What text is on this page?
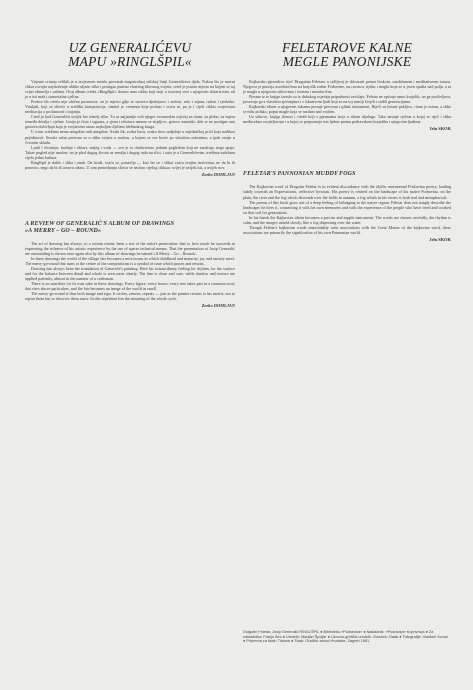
UZ GENERALIĆEVU
MAPU »RINGLŠPIL«

Vrijeme crtanja velikih je u izvjesnom smislu povratak magistralnoj stilskoj liniji Generalićeva djela. Nakon što je naivni slikar osvojio najsloženije oblike uljene slike i postigao puninu vlastitog likovnog svijeta, crtež je postao mjesto na kojem se taj svijet obnavlja i sažima. Ovaj album crteža »Ringlšpil« donosi nam ciklus koji stoji u izravnoj vezi s njegovim slikarstvom, ali je u isti mah i samostalna cjelina.

Prostor tih crteža nije obična pozornica; on je mjesto gdje se susreću djetinjstvo i zrelost, selo i sajam, radost i tjeskoba. Vrtuljak, koji se okreće u središtu kompozicija, simbol je vremena koje prolazi i vraća se, pa je i cijeli ciklus svojevrsna meditacija o prolaznosti i trajanju.

Crtež je kod Generalića uvijek bio temelj slike. Tu se najjasnije vidi njegov izvanredan osjećaj za ritam, za plohu, za mjeru između detalja i cjeline. Linija je čista i sigurna, a sjena i tekstura nanose se strpljivo, gotovo zanatski, dok se ne postigne ona gustoća doživljaja koja je svojstvena samo najboljim djelima hlebinskog kruga.

U ovim crtežima nema anegdote radi anegdote. Svaki lik, svaka kuća, svako drvo sudjeluje u zajedničkoj priči koja nadilazi pojedinosti. Seoski vašar pretvara se u sliku svijeta u malom, u kojem se sve kreće po vlastitim zakonima, a ipak ostaje u čvrstom skladu.

Ljudi i životinje, krošnje i oblaci, snijeg i voda — sve je to obuhvaćeno jednim pogledom koji ne razdvaja, nego spaja. Takav pogled nije naučen; on je plod dugog života uz zemlju i dugog rada na slici, i zato je u Generalićevim crtežima sadržana cijela jedna kultura.

Ringlšpil je dakle i slika i znak. On kruži, vraća se, ponavlja — kao što se i slikar vraća svojim motivima, ne da bi ih ponovio, nego da bi ih iznova otkrio. U tom ponavljanju skriva se smisao cijelog ciklusa: svijet je uvijek isti, a uvijek nov.

Zorko DOMLJAN
A REVIEW OF GENERALIĆ'S ALBUM OF DRAWINGS
»A MERRY – GO – ROUND«

The art of drawing has always, to a certain extent, been a test of the artist's penetration; that is, how much he succeeds in expressing the richness of his artistic experience by the use of sparse technical means. That the presentation of Josip Generalić are outstanding is shown once again also by this album of drawings he named »A Merry – Go – Round«.

In these drawings the world of the village fair becomes a microcosm in which childhood and maturity, joy and anxiety meet. The merry-go-round that turns at the centre of the compositions is a symbol of time which passes and returns.

Drawing has always been the foundation of Generalić's painting. Here his extraordinary feeling for rhythm, for the surface and for the balance between detail and whole is seen most clearly. The line is clean and sure, while shadow and texture are applied patiently, almost in the manner of a craftsman.

There is no anecdote for its own sake in these drawings. Every figure, every house, every tree takes part in a common story that rises above particulars, and the fair becomes an image of the world in small.

The merry-go-round is thus both image and sign. It circles, returns, repeats — just as the painter returns to his motifs, not to repeat them but to discover them anew. In this repetition lies the meaning of the whole cycle.

Zorko DOMLJAN
FELETAROVE KALNE
MEGLE PANONIJSKE

Kajkavsko pjesništvo riječ Dragutina Feletara u vidljivoj je sklonosti prema lirskom, suzdržanom i meditativnom izrazu. Njegova je poezija usredotočena na krajolik rodne Podravine, na ravnicu, rijeku i maglu koja se u jesen spušta nad polja, a ta je magla u njegovim stihovima i stvarna i metaforična.

Pjesme iz te knjige izrasle su iz dubokog osjećaja pripadnosti zavičaju. Feletar ne opisuje samo krajolik; on ga proživljava, povezuje ga s vlastitim sjećanjima i s iskustvom ljudi koji su na toj zemlji živjeli i radili generacijama.

Kajkavski idiom u njegovim rukama postaje precizan i gibak instrument. Riječi su birane pažljivo, ritam je miran, a slike se nižu polako, poput magle koja se razilazi nad vodom.

Uz stihove, knjiga donosi i crteže koji s pjesmama stoje u tihom dijalogu. Tako nastaje cjelina u kojoj se riječ i slika međusobno osvjetljavaju i u kojoj se prepoznaje ista ljubav prema podravskom krajoliku i njegovim ljudima.

Jelu SKOK
FELETAR'S PANNONIAN MUDDY FOGS

The Kajkavian word of Dragutin Feletar is in evident discordance with the idyllic sentimental Podravina poetry, loading subtly towards an Expressionist, reflective lyricism. His poetry is centred on the landscape of his native Podravina, on the plain, the river and the fog which descends over the fields in autumn, a fog which in his verses is both real and metaphorical.

The poems of this book grow out of a deep feeling of belonging to the native region. Feletar does not simply describe the landscape; he lives it, connecting it with his own memories and with the experience of the people who have lived and worked on that soil for generations.

In his hands the Kajkavian idiom becomes a precise and supple instrument. The words are chosen carefully, the rhythm is calm, and the images unfold slowly, like a fog dispersing over the water.

Though Feletar's kajkavian words unavoidably raise associations with the Great Master of the kajkavian word, these associations are primarily the signification of his own Pannonian world.

Jelu SKOK
Dragutin Feletar, Josip Generalić RINGLŠPIL ● Biblioteka »Podravina« ● Nakladnik: »Podravka« Koprivnica ● Za nakladnika: Franjo Bec ● Urednik: Marijan Špoljar ● Likovno-grafički urednik: Zvonimir Zlatar ● Fotografije: Vladimir Kovač ● Priprema za tisak: Tiskara ● Tisak: Grafički zavod Hrvatske, Zagreb 1981.
